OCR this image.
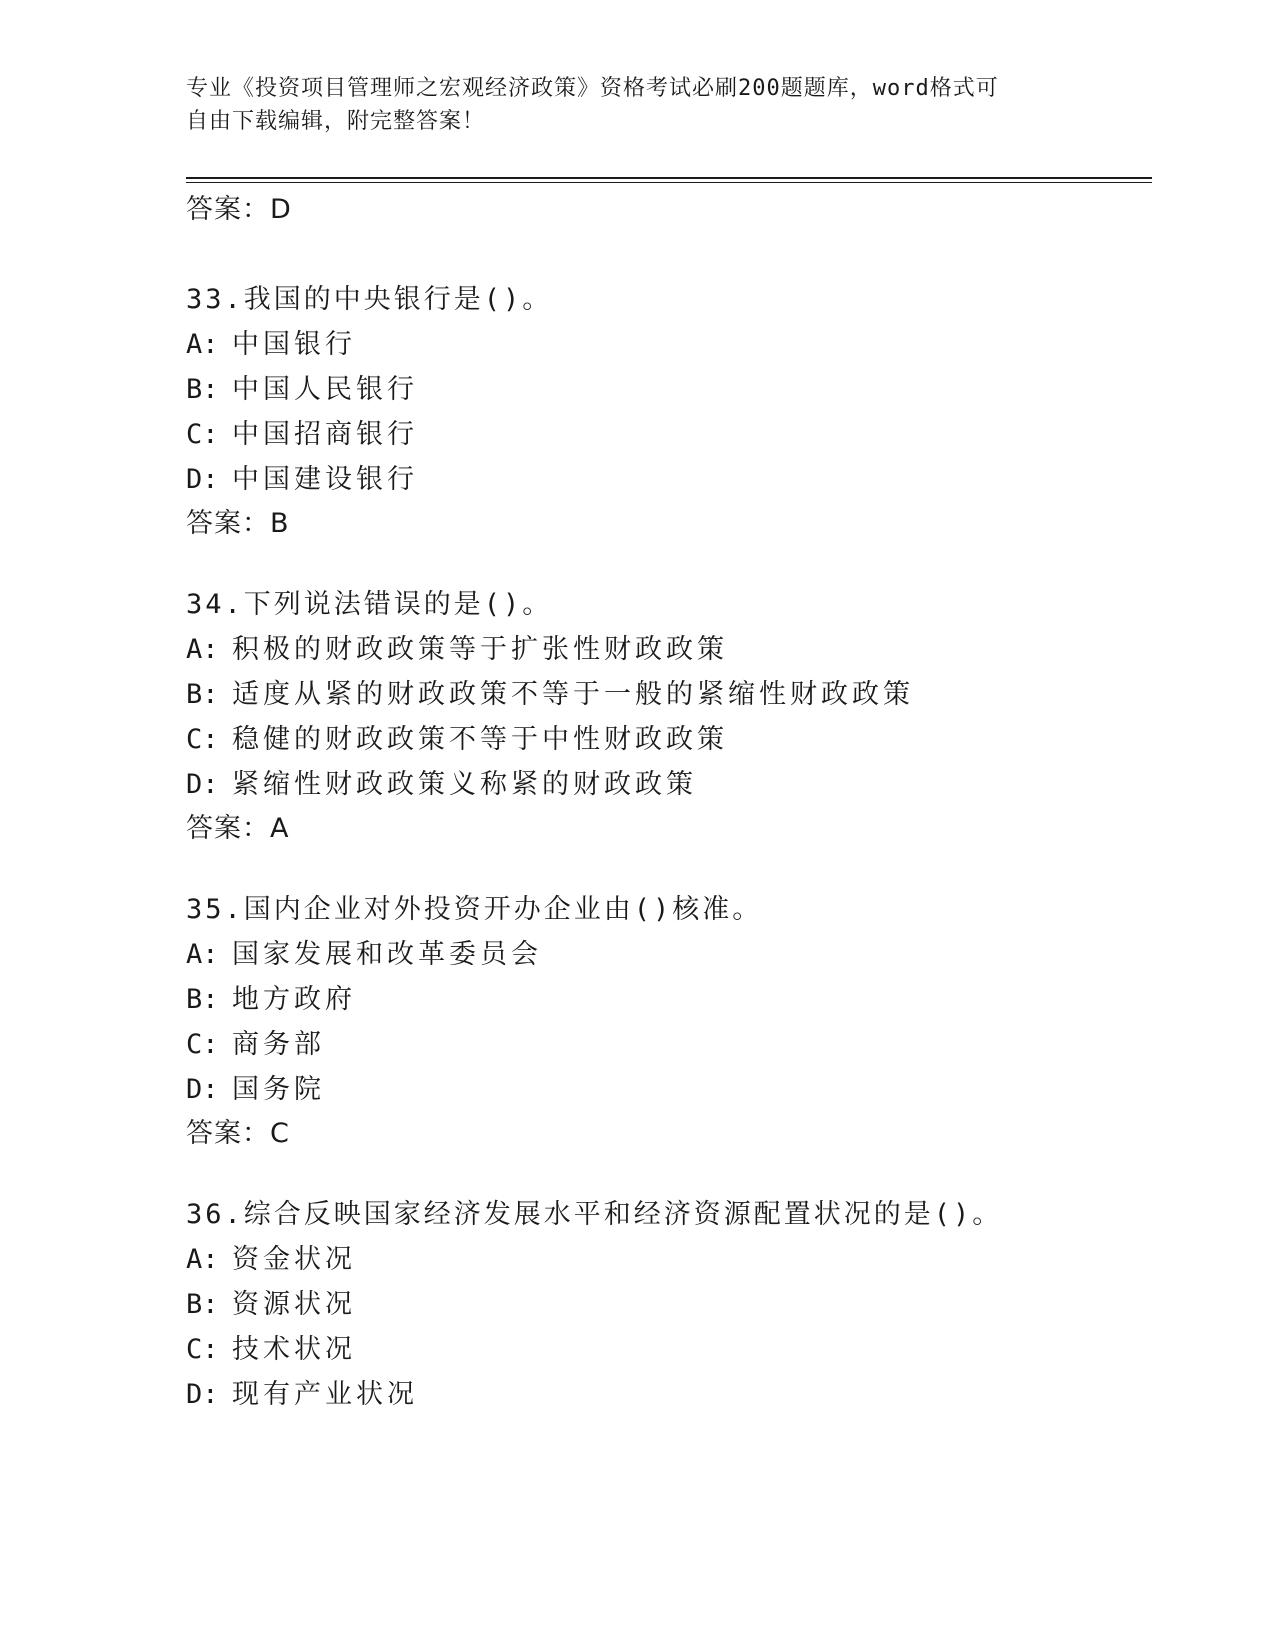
专业《投资项目管理师之宏观经济政策》资格考试必刷200题题库，word格式可
自由下载编辑，附完整答案！
答案：D
33.我国的中央银行是()。
A: 中国银行
B: 中国人民银行
C: 中国招商银行
D: 中国建设银行
答案：B
34.下列说法错误的是()。
A: 积极的财政政策等于扩张性财政政策
B: 适度从紧的财政政策不等于一般的紧缩性财政政策
C: 稳健的财政政策不等于中性财政政策
D: 紧缩性财政政策义称紧的财政政策
答案：A
35.国内企业对外投资开办企业由()核准。
A: 国家发展和改革委员会
B: 地方政府
C: 商务部
D: 国务院
答案：C
36.综合反映国家经济发展水平和经济资源配置状况的是()。
A: 资金状况
B: 资源状况
C: 技术状况
D: 现有产业状况
